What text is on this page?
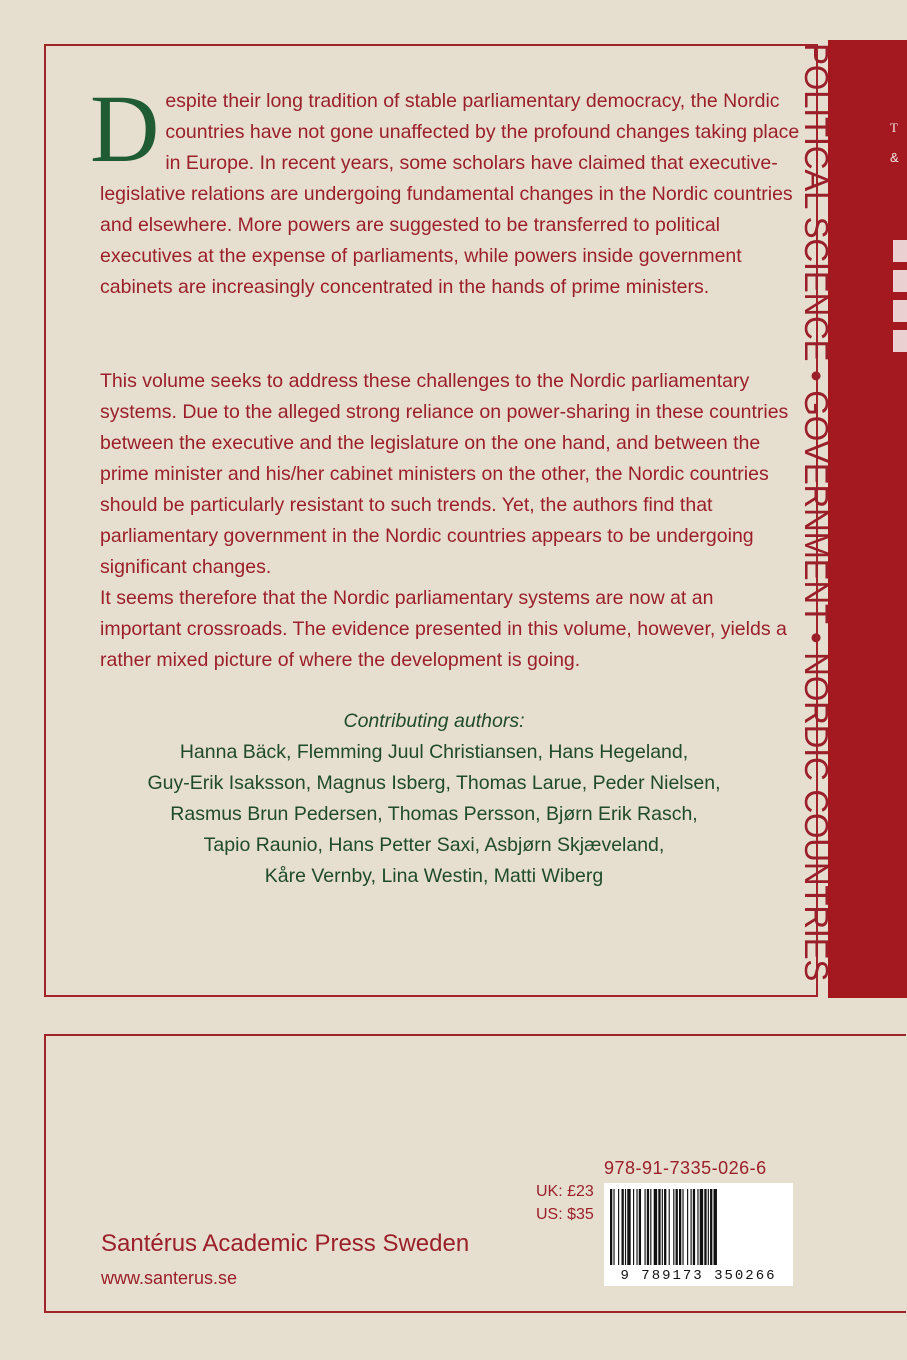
Despite their long tradition of stable parliamentary democracy, the Nordic countries have not gone unaffected by the profound changes taking place in Europe. In recent years, some scholars have claimed that executive-legislative relations are undergoing fundamental changes in the Nordic countries and elsewhere. More powers are suggested to be transferred to political executives at the expense of parliaments, while powers inside government cabinets are increasingly concentrated in the hands of prime ministers.

This volume seeks to address these challenges to the Nordic parliamentary systems. Due to the alleged strong reliance on power-sharing in these countries between the executive and the legislature on the one hand, and between the prime minister and his/her cabinet ministers on the other, the Nordic countries should be particularly resistant to such trends. Yet, the authors find that parliamentary government in the Nordic countries appears to be undergoing significant changes.
It seems therefore that the Nordic parliamentary systems are now at an important crossroads. The evidence presented in this volume, however, yields a rather mixed picture of where the development is going.
Contributing authors:
Hanna Bäck, Flemming Juul Christiansen, Hans Hegeland,
Guy-Erik Isaksson, Magnus Isberg, Thomas Larue, Peder Nielsen,
Rasmus Brun Pedersen, Thomas Persson, Bjørn Erik Rasch,
Tapio Raunio, Hans Petter Saxi, Asbjørn Skjæveland,
Kåre Vernby, Lina Westin, Matti Wiberg
T
&
POLITICAL SCIENCE • GOVERNMENT • NORDIC COUNTRIES
978-91-7335-026-6
UK: £23
US: $35
9 789173 350266
Santérus Academic Press Sweden
www.santerus.se
